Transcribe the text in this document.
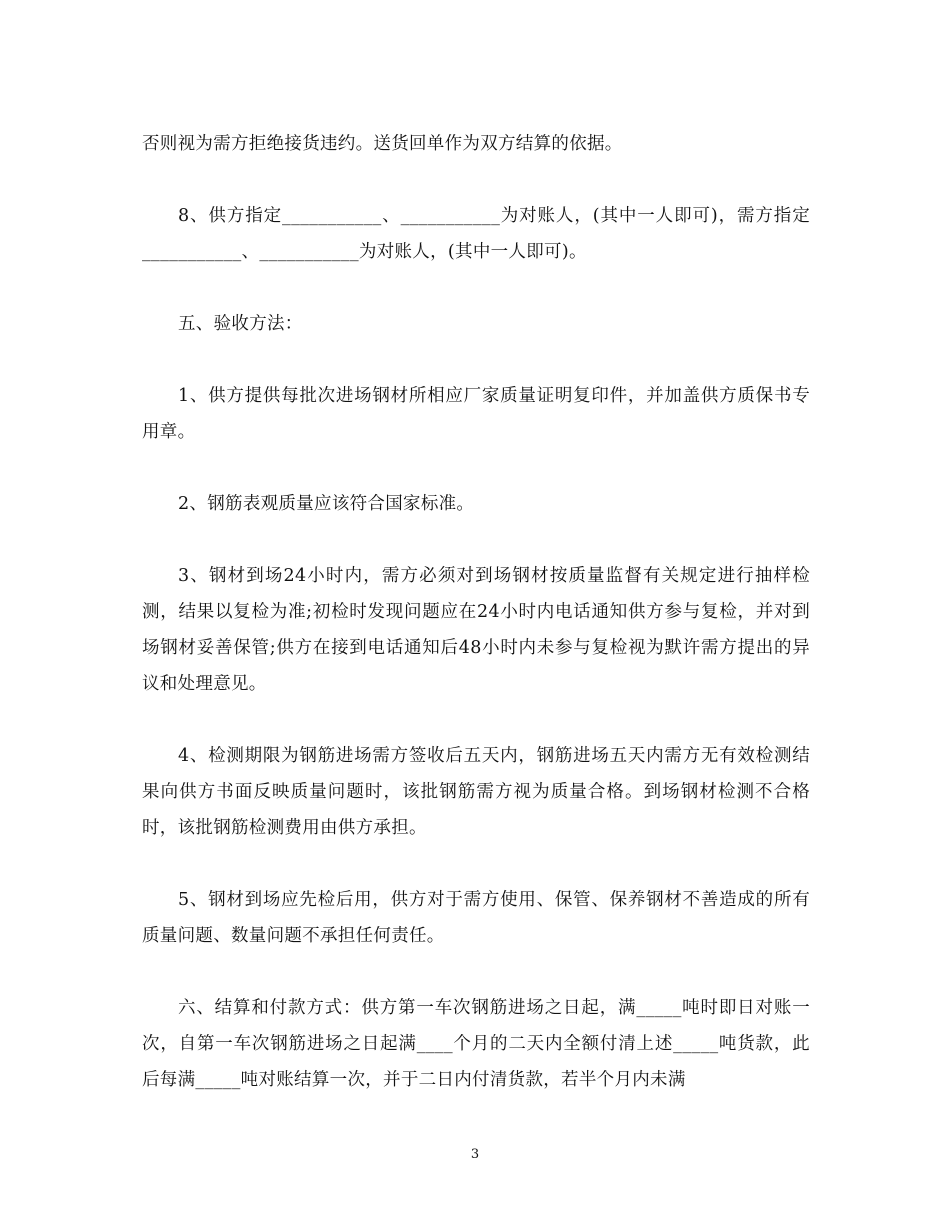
否则视为需方拒绝接货违约。送货回单作为双方结算的依据。

8、供方指定___________、___________为对账人，(其中一人即可)，需方指定___________、___________为对账人，(其中一人即可)。

五、验收方法：

1、供方提供每批次进场钢材所相应厂家质量证明复印件，并加盖供方质保书专用章。

2、钢筋表观质量应该符合国家标准。

3、钢材到场24小时内，需方必须对到场钢材按质量监督有关规定进行抽样检测，结果以复检为准;初检时发现问题应在24小时内电话通知供方参与复检，并对到场钢材妥善保管;供方在接到电话通知后48小时内未参与复检视为默许需方提出的异议和处理意见。

4、检测期限为钢筋进场需方签收后五天内，钢筋进场五天内需方无有效检测结果向供方书面反映质量问题时，该批钢筋需方视为质量合格。到场钢材检测不合格时，该批钢筋检测费用由供方承担。

5、钢材到场应先检后用，供方对于需方使用、保管、保养钢材不善造成的所有质量问题、数量问题不承担任何责任。

六、结算和付款方式：供方第一车次钢筋进场之日起，满_____吨时即日对账一次，自第一车次钢筋进场之日起满____个月的二天内全额付清上述_____吨货款，此后每满_____吨对账结算一次，并于二日内付清货款，若半个月内未满

3
